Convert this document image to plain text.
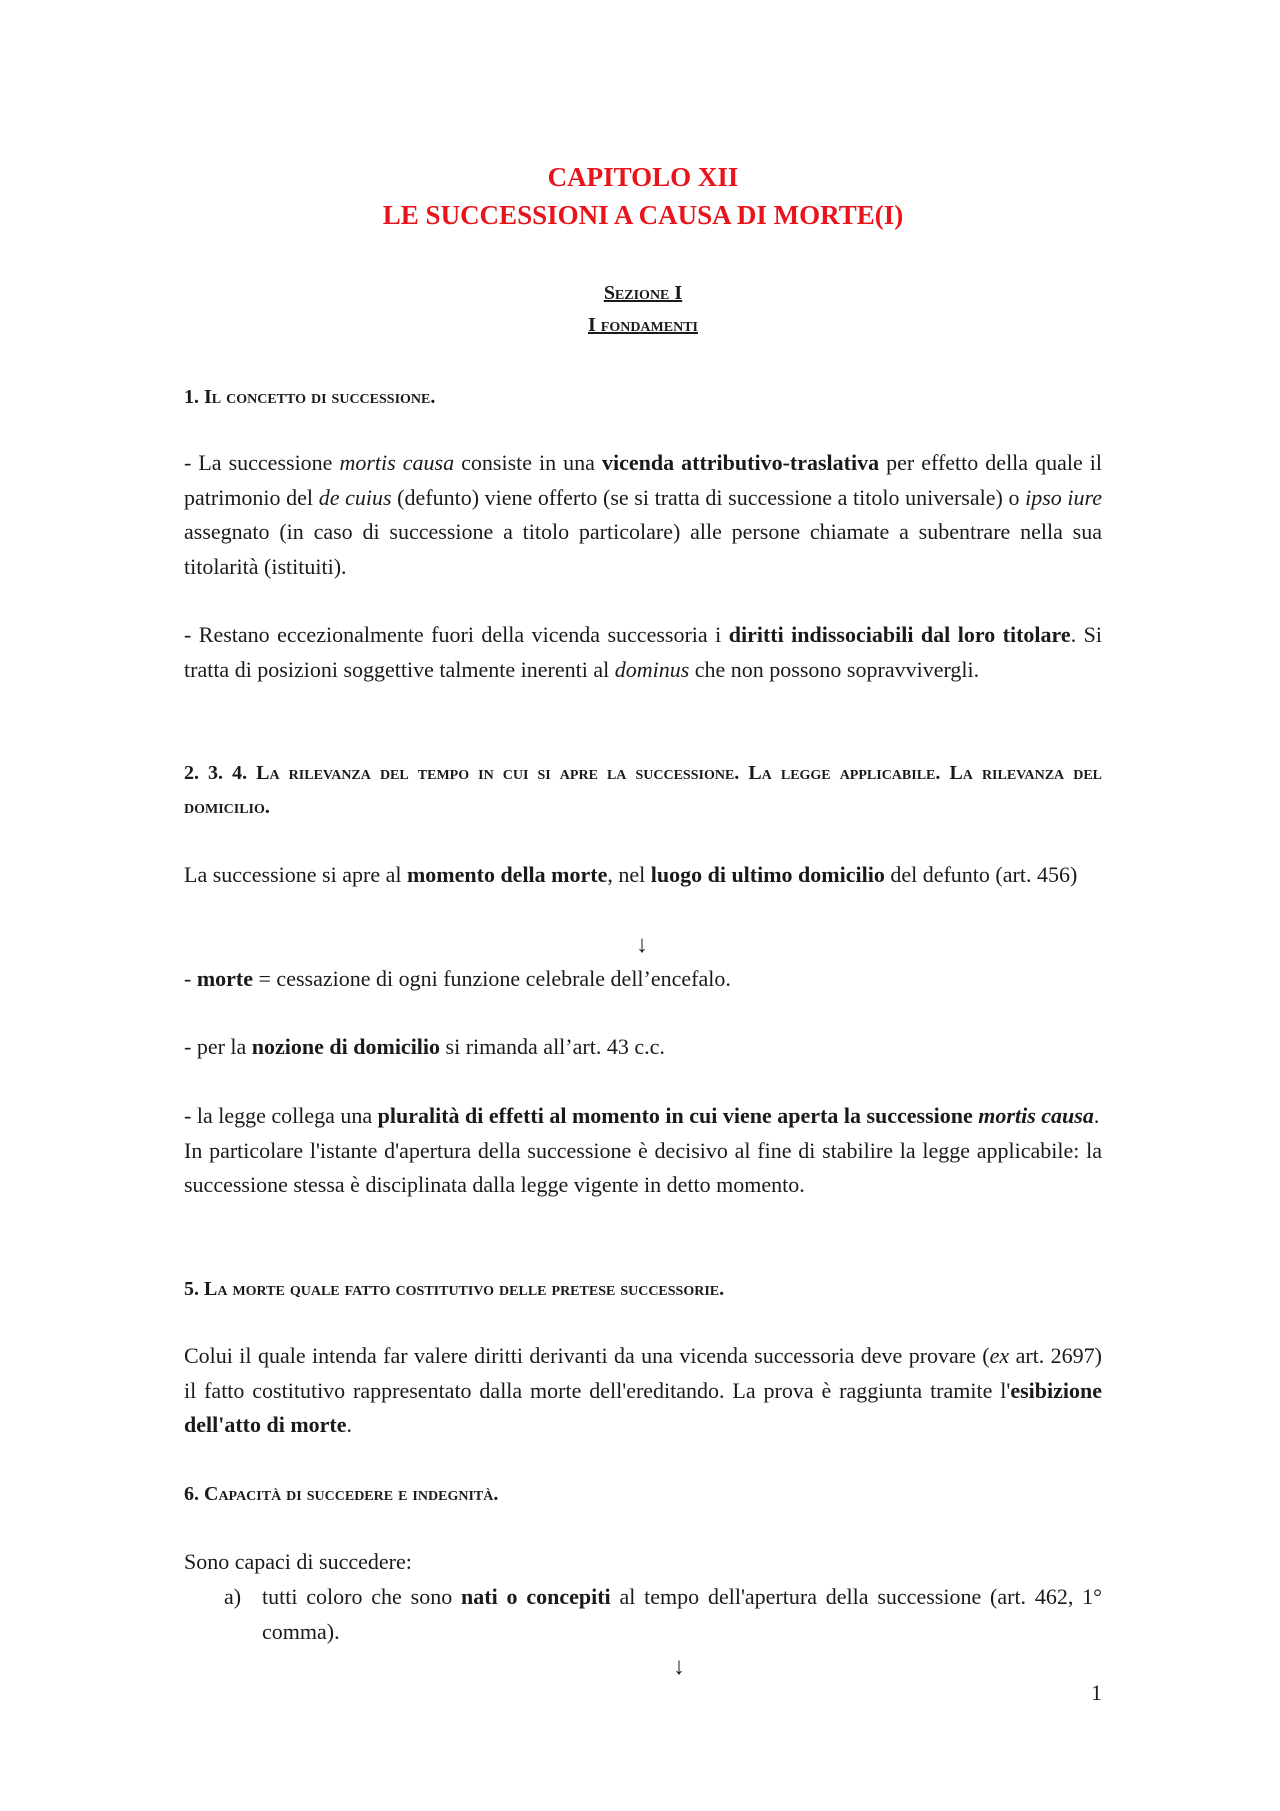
CAPITOLO XII
LE SUCCESSIONI A CAUSA DI MORTE(I)
Sezione I
I fondamenti
1. Il concetto di successione.

- La successione mortis causa consiste in una vicenda attributivo-traslativa per effetto della quale il patrimonio del de cuius (defunto) viene offerto (se si tratta di successione a titolo universale) o ipso iure assegnato (in caso di successione a titolo particolare) alle persone chiamate a subentrare nella sua titolarità (istituiti).

- Restano eccezionalmente fuori della vicenda successoria i diritti indissociabili dal loro titolare. Si tratta di posizioni soggettive talmente inerenti al dominus che non possono sopravvivergli.

2. 3. 4. La rilevanza del tempo in cui si apre la successione. La legge applicabile. La rilevanza del domicilio.

La successione si apre al momento della morte, nel luogo di ultimo domicilio del defunto (art. 456)

↓

- morte = cessazione di ogni funzione celebrale dell’encefalo.

- per la nozione di domicilio si rimanda all’art. 43 c.c.

- la legge collega una pluralità di effetti al momento in cui viene aperta la successione mortis causa.

In particolare l'istante d'apertura della successione è decisivo al fine di stabilire la legge applicabile: la successione stessa è disciplinata dalla legge vigente in detto momento.

5. La morte quale fatto costitutivo delle pretese successorie.

Colui il quale intenda far valere diritti derivanti da una vicenda successoria deve provare (ex art. 2697) il fatto costitutivo rappresentato dalla morte dell'ereditando. La prova è raggiunta tramite l'esibizione dell'atto di morte.

6. Capacità di succedere e indegnità.
Sono capaci di succedere:
a) tutti coloro che sono nati o concepiti al tempo dell'apertura della successione (art. 462, 1° comma).
↓
1
